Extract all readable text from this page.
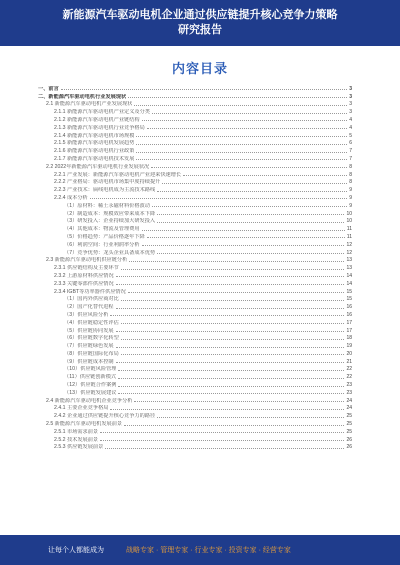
新能源汽车驱动电机企业通过供应链提升核心竞争力策略研究报告
内容目录
一、前言	3
二、新能源汽车驱动电机行业发展现状	3
2.1 新能源汽车驱动电机产业发展现状	3
2.1.1 新能源汽车驱动电机产业定义及分类	3
2.1.2 新能源汽车驱动电机产业链结构	4
2.1.3 新能源汽车驱动电机行业竞争格局	4
2.1.4 新能源汽车驱动电机市场规模	5
2.1.5 新能源汽车驱动电机发展趋势	6
2.1.6 新能源汽车驱动电机行业政策	7
2.1.7 新能源汽车驱动电机技术发展	7
2.2 2022年新能源汽车驱动电机行业发展状况	8
2.2.1 产业发展：新能源汽车驱动电机产业迎来快速增长	8
2.2.2 产业格局：驱动电机市场集中度持续提升	8
2.2.3 产业技术：扁线电机成为主流技术路线	9
2.2.4 成本分析	9
（1）原材料：稀土永磁材料价格波动	9
（2）制造成本：规模效应带来成本下降	10
（3）研发投入：企业持续加大研发投入	10
（4）其他成本：物流及管理费用	11
（5）价格趋势：产品价格逐年下降	11
（6）利润空间：行业利润率分析	12
（7）竞争优势：龙头企业具备成本优势	12
2.3 新能源汽车驱动电机供应链分析	13
2.3.1 供应链结构及主要环节	13
2.3.2 上游原材料供应情况	14
2.3.3 关键零部件供应情况	14
2.3.4 IGBT等功率器件供应情况	15
（1）国内外供应商对比	15
（2）国产化替代进程	16
（3）供应风险分析	16
（4）供应链稳定性评估	17
（5）供应链协同发展	17
（6）供应链数字化转型	18
（7）供应链绿色发展	19
（8）供应链国际化布局	20
（9）供应链成本控制	21
（10）供应链风险管理	22
（11）供应链创新模式	22
（12）供应链合作案例	23
（13）供应链发展建议	23
2.4 新能源汽车驱动电机企业竞争分析	24
2.4.1 主要企业竞争格局	24
2.4.2 企业通过供应链提升核心竞争力的路径	25
2.5 新能源汽车驱动电机发展前景	25
2.5.1 市场需求前景	25
2.5.2 技术发展前景	26
2.5.3 供应链发展前景	26
让每个人都能成为	战略专家 · 管理专家 · 行业专家 · 投资专家 · 经营专家
